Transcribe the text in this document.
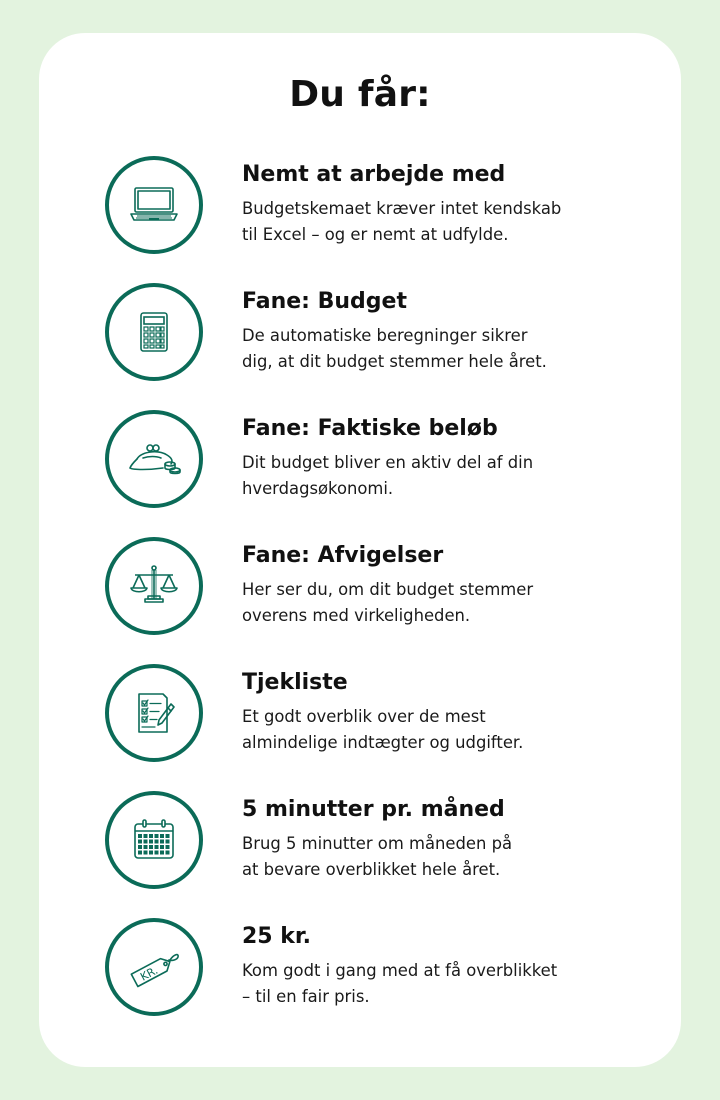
Du får:
Nemt at arbejde med
Budgetskemaet kræver intet kendskab
til Excel – og er nemt at udfylde.
Fane: Budget
De automatiske beregninger sikrer
dig, at dit budget stemmer hele året.
Fane: Faktiske beløb
Dit budget bliver en aktiv del af din
hverdagsøkonomi.
Fane: Afvigelser
Her ser du, om dit budget stemmer
overens med virkeligheden.
Tjekliste
Et godt overblik over de mest
almindelige indtægter og udgifter.
5 minutter pr. måned
Brug 5 minutter om måneden på
at bevare overblikket hele året.
KR.
25 kr.
Kom godt i gang med at få overblikket
– til en fair pris.
